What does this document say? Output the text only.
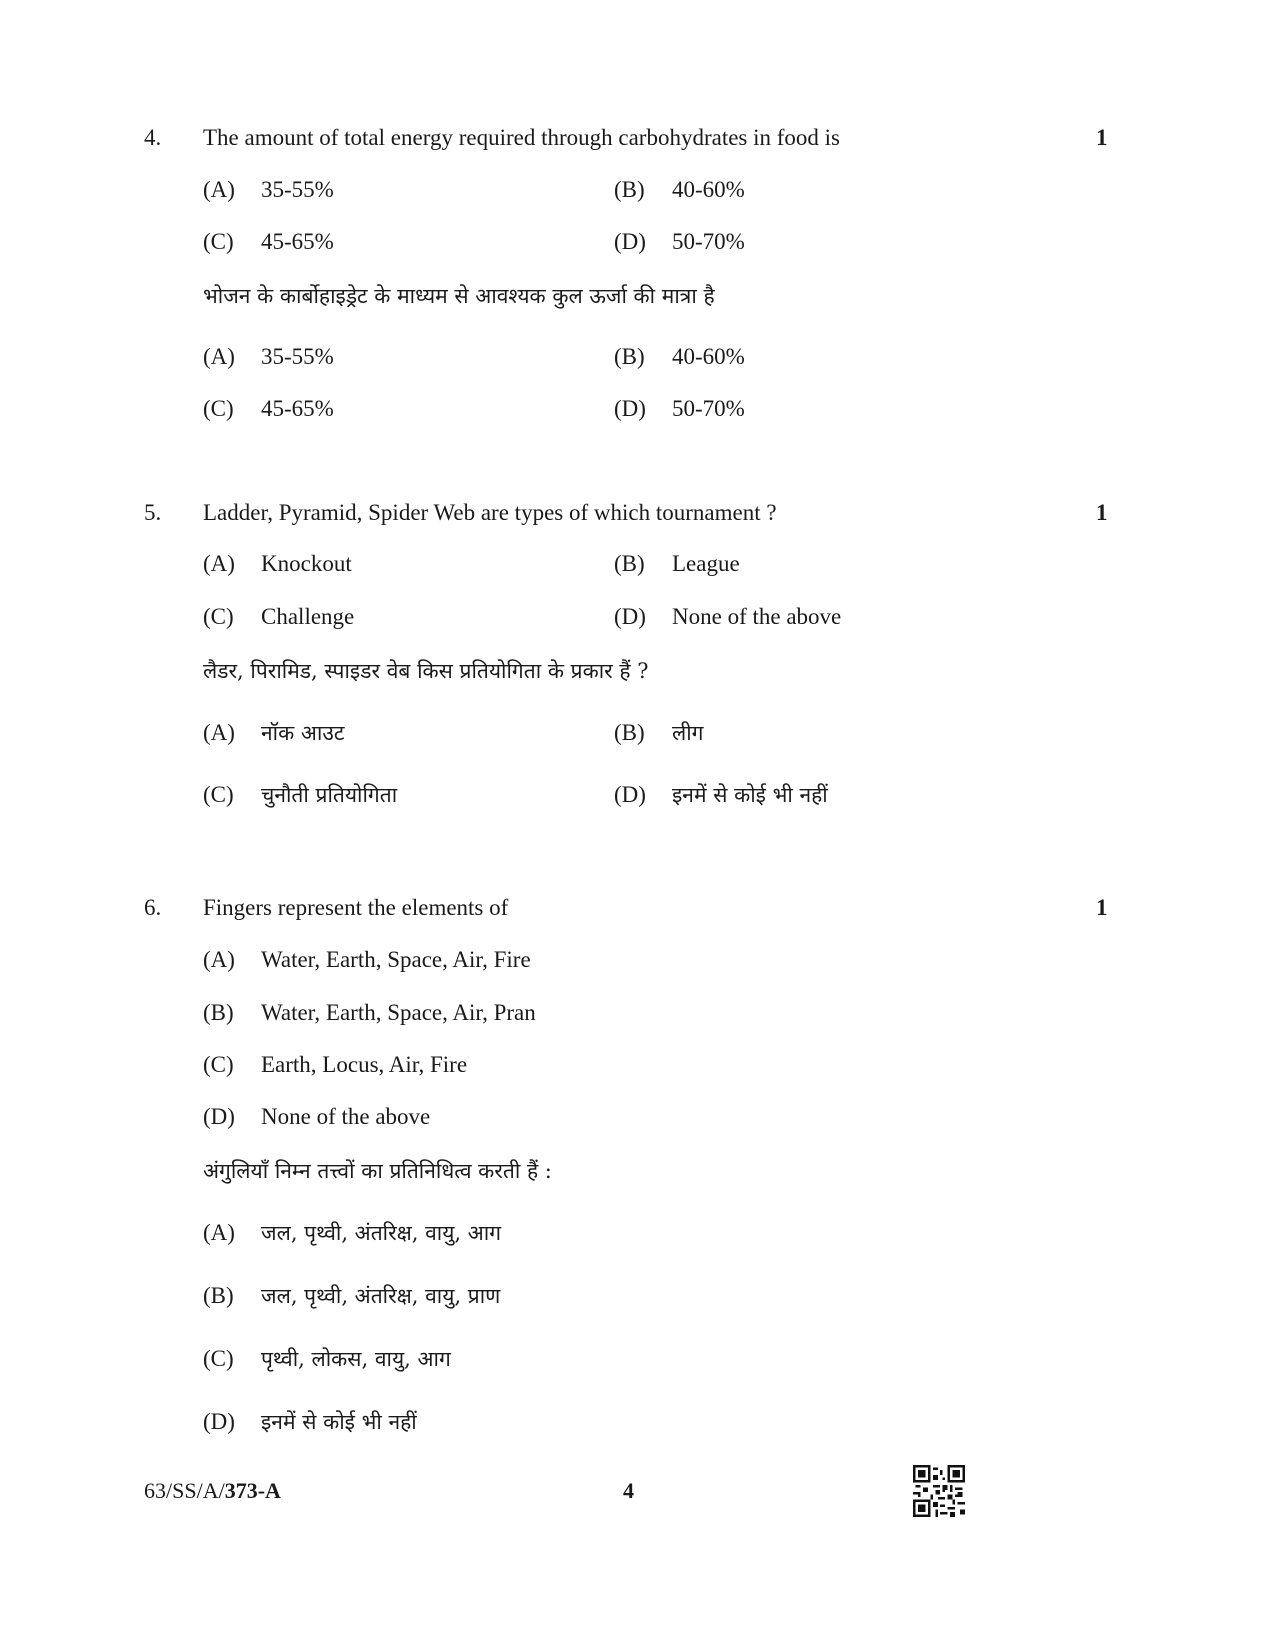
4. The amount of total energy required through carbohydrates in food is	1
(A) 35-55%	(B) 40-60%
(C) 45-65%	(D) 50-70%
भोजन के कार्बोहाइड्रेट के माध्यम से आवश्यक कुल ऊर्जा की मात्रा है
(A) 35-55%	(B) 40-60%
(C) 45-65%	(D) 50-70%
5. Ladder, Pyramid, Spider Web are types of which tournament ?	1
(A) Knockout	(B) League
(C) Challenge	(D) None of the above
लैडर, पिरामिड, स्पाइडर वेब किस प्रतियोगिता के प्रकार हैं ?
(A) नॉक आउट	(B) लीग
(C) चुनौती प्रतियोगिता	(D) इनमें से कोई भी नहीं
6. Fingers represent the elements of	1
(A) Water, Earth, Space, Air, Fire
(B) Water, Earth, Space, Air, Pran
(C) Earth, Locus, Air, Fire
(D) None of the above
अंगुलियाँ निम्न तत्त्वों का प्रतिनिधित्व करती हैं :
(A) जल, पृथ्वी, अंतरिक्ष, वायु, आग
(B) जल, पृथ्वी, अंतरिक्ष, वायु, प्राण
(C) पृथ्वी, लोकस, वायु, आग
(D) इनमें से कोई भी नहीं
63/SS/A/373-A	4
